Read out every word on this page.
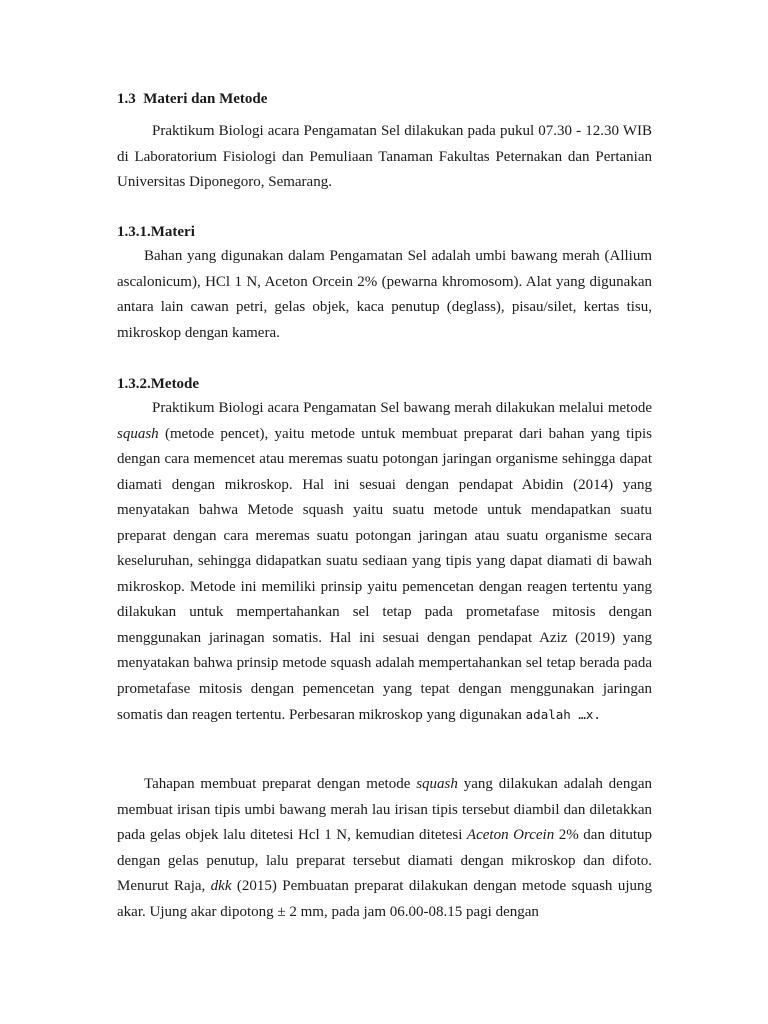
1.3  Materi dan Metode

Praktikum Biologi acara Pengamatan Sel dilakukan pada pukul 07.30 - 12.30 WIB di Laboratorium Fisiologi dan Pemuliaan Tanaman Fakultas Peternakan dan Pertanian Universitas Diponegoro, Semarang.

1.3.1.Materi

Bahan yang digunakan dalam Pengamatan Sel adalah umbi bawang merah (Allium ascalonicum), HCl 1 N, Aceton Orcein 2% (pewarna khromosom). Alat yang digunakan antara lain cawan petri, gelas objek, kaca penutup (deglass), pisau/silet, kertas tisu, mikroskop dengan kamera.

1.3.2.Metode

Praktikum Biologi acara Pengamatan Sel bawang merah dilakukan melalui metode squash (metode pencet), yaitu metode untuk membuat preparat dari bahan yang tipis dengan cara memencet atau meremas suatu potongan jaringan organisme sehingga dapat diamati dengan mikroskop. Hal ini sesuai dengan pendapat Abidin (2014) yang menyatakan bahwa Metode squash yaitu suatu metode untuk mendapatkan suatu preparat dengan cara meremas suatu potongan jaringan atau suatu organisme secara keseluruhan, sehingga didapatkan suatu sediaan yang tipis yang dapat diamati di bawah mikroskop. Metode ini memiliki prinsip yaitu pemencetan dengan reagen tertentu yang dilakukan untuk mempertahankan sel tetap pada prometafase mitosis dengan menggunakan jarinagan somatis. Hal ini sesuai dengan pendapat Aziz (2019) yang menyatakan bahwa prinsip metode squash adalah mempertahankan sel tetap berada pada prometafase mitosis dengan pemencetan yang tepat dengan menggunakan jaringan somatis dan reagen tertentu. Perbesaran mikroskop yang digunakan adalah …x.

Tahapan membuat preparat dengan metode squash yang dilakukan adalah dengan membuat irisan tipis umbi bawang merah lau irisan tipis tersebut diambil dan diletakkan pada gelas objek lalu ditetesi Hcl 1 N, kemudian ditetesi Aceton Orcein 2% dan ditutup dengan gelas penutup, lalu preparat tersebut diamati dengan mikroskop dan difoto. Menurut Raja, dkk (2015) Pembuatan preparat dilakukan dengan metode squash ujung akar. Ujung akar dipotong ± 2 mm, pada jam 06.00-08.15 pagi dengan
